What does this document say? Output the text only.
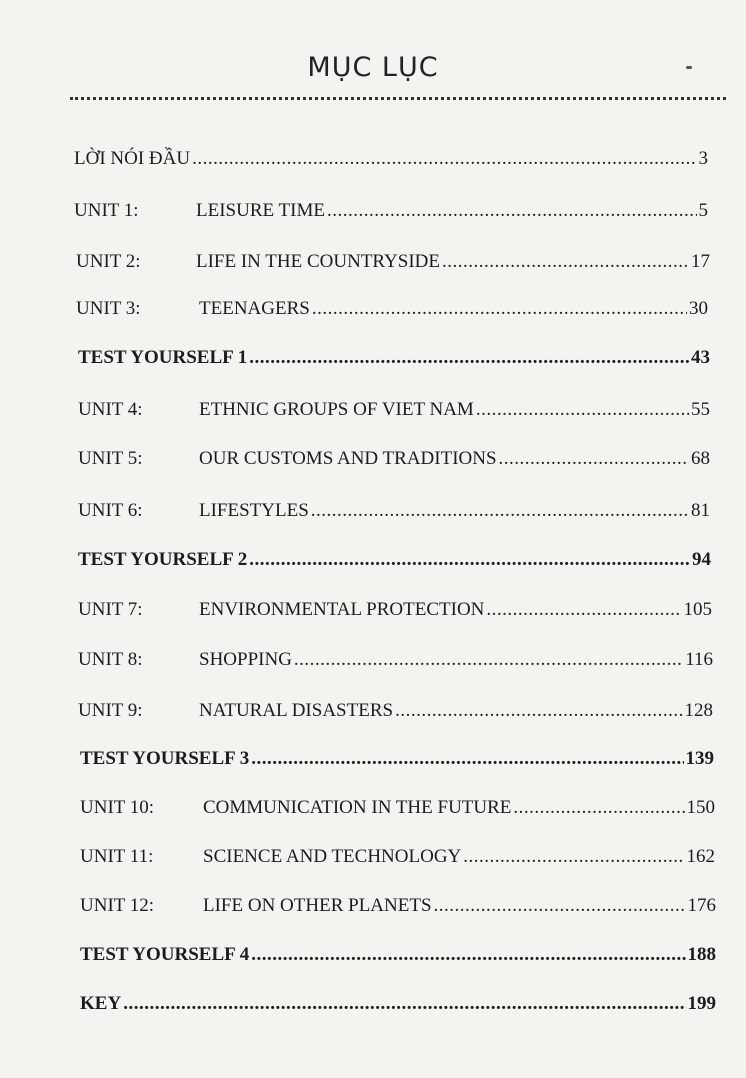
MỤC LỤC
LỜI NÓI ĐẦU .....	3
UNIT 1:	LEISURE TIME .....	5
UNIT 2:	LIFE IN THE COUNTRYSIDE .....	17
UNIT 3:	TEENAGERS .....	30
TEST YOURSELF 1 .....	43
UNIT 4:	ETHNIC GROUPS OF VIET NAM .....	55
UNIT 5:	OUR CUSTOMS AND TRADITIONS .....	68
UNIT 6:	LIFESTYLES .....	81
TEST YOURSELF 2 .....	94
UNIT 7:	ENVIRONMENTAL PROTECTION .....	105
UNIT 8:	SHOPPING .....	116
UNIT 9:	NATURAL DISASTERS .....	128
TEST YOURSELF 3 .....	139
UNIT 10:	COMMUNICATION IN THE FUTURE .....	150
UNIT 11:	SCIENCE AND TECHNOLOGY .....	162
UNIT 12:	LIFE ON OTHER PLANETS .....	176
TEST YOURSELF 4 .....	188
KEY .....	199
